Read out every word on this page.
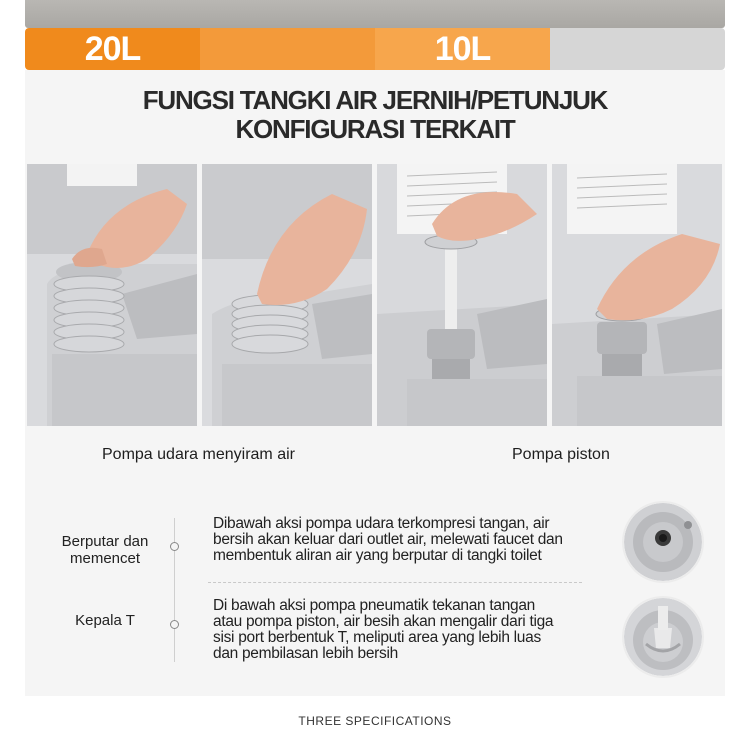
20L	10L
FUNGSI TANGKI AIR JERNIH/PETUNJUK
KONFIGURASI TERKAIT
Pompa udara menyiram air	Pompa piston
Berputar dan
memencet
Kepala T
Dibawah aksi pompa udara terkompresi tangan, air
bersih akan keluar dari outlet air, melewati faucet dan
membentuk aliran air yang berputar di tangki toilet
Di bawah aksi pompa pneumatik tekanan tangan
atau pompa piston, air besih akan mengalir dari tiga
sisi port berbentuk T, meliputi area yang lebih luas
dan pembilasan lebih bersih
THREE SPECIFICATIONS
